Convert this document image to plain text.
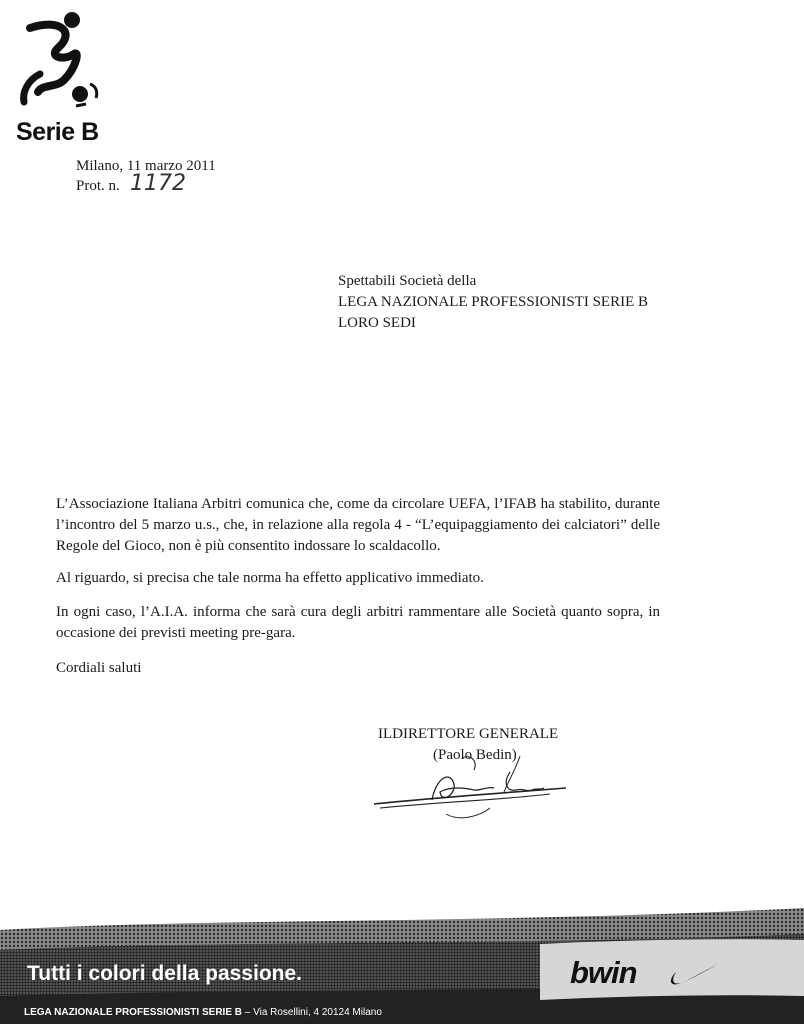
Serie B
Milano, 11 marzo 2011
Prot. n. 1172
Spettabili Società della
LEGA NAZIONALE PROFESSIONISTI SERIE B
LORO SEDI

L’Associazione Italiana Arbitri comunica che, come da circolare UEFA, l’IFAB ha stabilito, durante l’incontro del 5 marzo u.s., che, in relazione alla regola 4 - “L’equipaggiamento dei calciatori” delle Regole del Gioco, non è più consentito indossare lo scaldacollo.

Al riguardo, si precisa che tale norma ha effetto applicativo immediato.

In ogni caso, l’A.I.A. informa che sarà cura degli arbitri rammentare alle Società quanto sopra, in occasione dei previsti meeting pre-gara.

Cordiali saluti

ILDIRETTORE GENERALE
(Paolo Bedin)
Tutti i colori della passione.	bwin
LEGA NAZIONALE PROFESSIONISTI SERIE B – Via Rosellini, 4 20124 Milano
